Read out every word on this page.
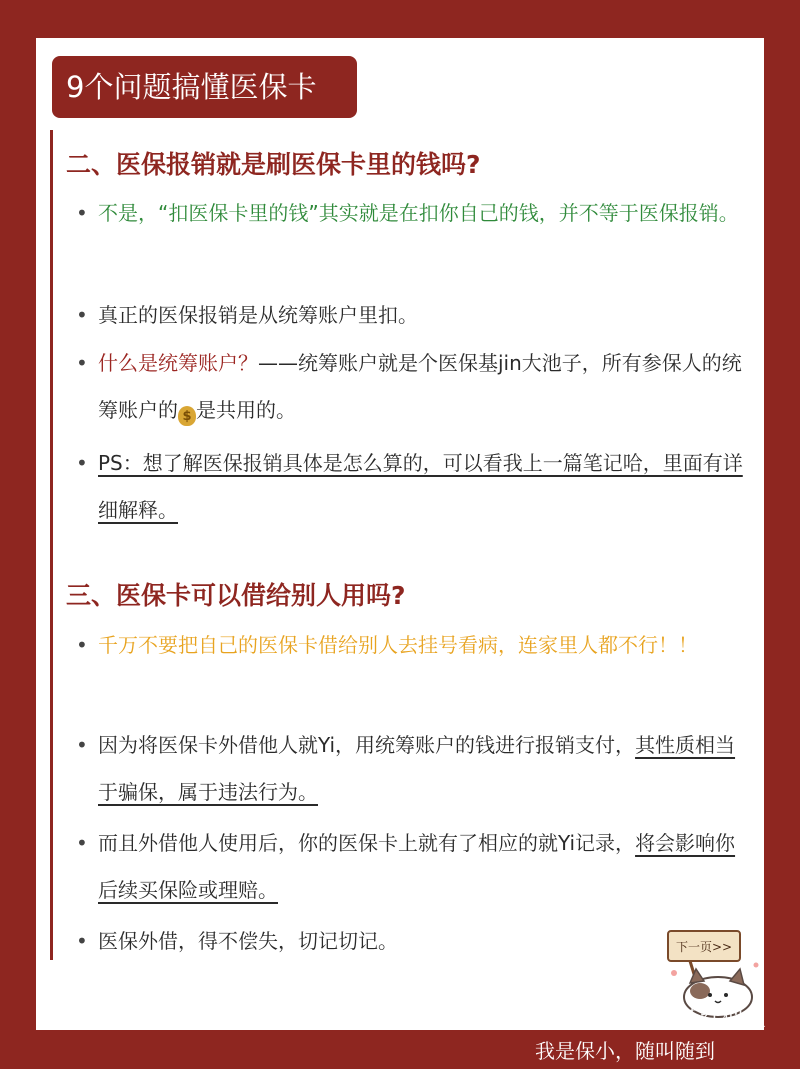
9个问题搞懂医保卡
二、医保报销就是刷医保卡里的钱吗?
• 不是，“扣医保卡里的钱”其实就是在扣你自己的钱，并不等于医保报销。
• 真正的医保报销是从统筹账户里扣。
• 什么是统筹账户？——统筹账户就是个医保基jin大池子，所有参保人的统筹账户的 $ 是共用的。
• PS：想了解医保报销具体是怎么算的，可以看我上一篇笔记哈，里面有详细解释。
三、医保卡可以借给别人用吗?
• 千万不要把自己的医保卡借给别人去挂号看病，连家里人都不行！！
• 因为将医保卡外借他人就Yi，用统筹账户的钱进行报销支付，其性质相当于骗保，属于违法行为。
• 而且外借他人使用后，你的医保卡上就有了相应的就Yi记录，将会影响你后续买保险或理赔。
• 医保外借，得不偿失，切记切记。	下一页>>
@日出江花红似火
我是保小，随叫随到
